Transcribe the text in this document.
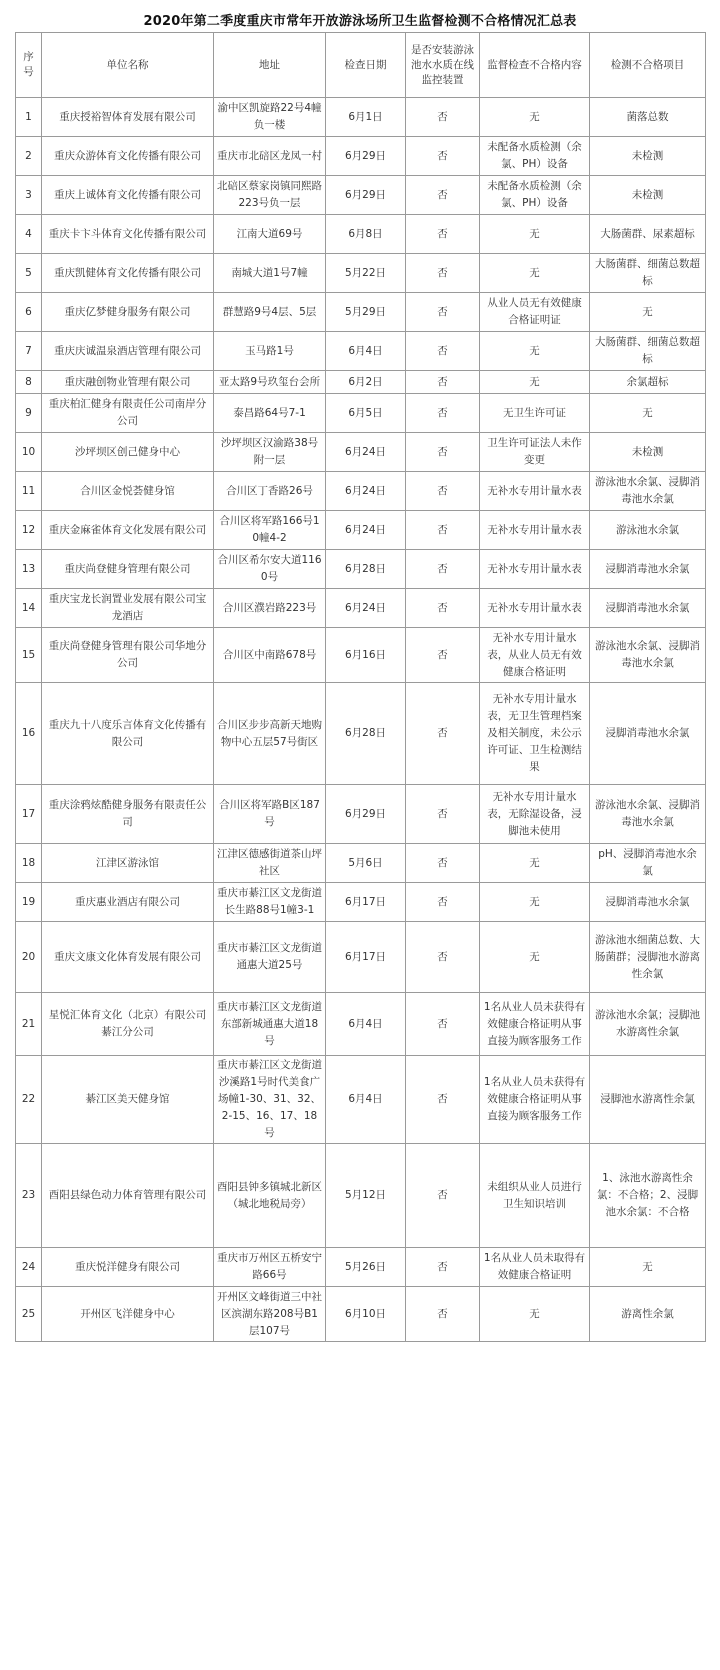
2020年第二季度重庆市常年开放游泳场所卫生监督检测不合格情况汇总表
序号	单位名称	地址	检查日期	是否安装游泳池水水质在线监控装置	监督检查不合格内容	检测不合格项目
1	重庆授裕智体育发展有限公司	渝中区凯旋路22号4幢负一楼	6月1日	否	无	菌落总数
2	重庆众游体育文化传播有限公司	重庆市北碚区龙凤一村	6月29日	否	未配备水质检测（余氯、PH）设备	未检测
3	重庆上诚体育文化传播有限公司	北碚区蔡家岗镇同熙路223号负一层	6月29日	否	未配备水质检测（余氯、PH）设备	未检测
4	重庆卡卞斗体育文化传播有限公司	江南大道69号	6月8日	否	无	大肠菌群、尿素超标
5	重庆凯健体育文化传播有限公司	南城大道1号7幢	5月22日	否	无	大肠菌群、细菌总数超标
6	重庆亿梦健身服务有限公司	群慧路9号4层、5层	5月29日	否	从业人员无有效健康合格证明证	无
7	重庆庆诚温泉酒店管理有限公司	玉马路1号	6月4日	否	无	大肠菌群、细菌总数超标
8	重庆融创物业管理有限公司	亚太路9号玖玺台会所	6月2日	否	无	余氯超标
9	重庆柏汇健身有限责任公司南岸分公司	泰昌路64号7-1	6月5日	否	无卫生许可证	无
10	沙坪坝区创己健身中心	沙坪坝区汉渝路38号附一层	6月24日	否	卫生许可证法人未作变更	未检测
11	合川区金悦荟健身馆	合川区丁香路26号	6月24日	否	无补水专用计量水表	游泳池水余氯、浸脚消毒池水余氯
12	重庆金麻雀体育文化发展有限公司	合川区将军路166号10幢4-2	6月24日	否	无补水专用计量水表	游泳池水余氯
13	重庆尚登健身管理有限公司	合川区希尔安大道1160号	6月28日	否	无补水专用计量水表	浸脚消毒池水余氯
14	重庆宝龙长润置业发展有限公司宝龙酒店	合川区濮岩路223号	6月24日	否	无补水专用计量水表	浸脚消毒池水余氯
15	重庆尚登健身管理有限公司华地分公司	合川区中南路678号	6月16日	否	无补水专用计量水表，从业人员无有效健康合格证明	游泳池水余氯、浸脚消毒池水余氯
16	重庆九十八度乐言体育文化传播有限公司	合川区步步高新天地购物中心五层57号街区	6月28日	否	无补水专用计量水表，无卫生管理档案及相关制度，未公示许可证、卫生检测结果	浸脚消毒池水余氯
17	重庆涂鸦炫酷健身服务有限责任公司	合川区将军路B区187号	6月29日	否	无补水专用计量水表，无除湿设备，浸脚池未使用	游泳池水余氯、浸脚消毒池水余氯
18	江津区游泳馆	江津区德感街道茶山坪社区	5月6日	否	无	pH、浸脚消毒池水余氯
19	重庆惠业酒店有限公司	重庆市綦江区文龙街道长生路88号1幢3-1	6月17日	否	无	浸脚消毒池水余氯
20	重庆文康文化体育发展有限公司	重庆市綦江区文龙街道通惠大道25号	6月17日	否	无	游泳池水细菌总数、大肠菌群；浸脚池水游离性余氯
21	星悦汇体育文化（北京）有限公司綦江分公司	重庆市綦江区文龙街道东部新城通惠大道18号	6月4日	否	1名从业人员未获得有效健康合格证明从事直接为顾客服务工作	游泳池水余氯；浸脚池水游离性余氯
22	綦江区美天健身馆	重庆市綦江区文龙街道沙溪路1号时代美食广场幢1-30、31、32、2-15、16、17、18号	6月4日	否	1名从业人员未获得有效健康合格证明从事直接为顾客服务工作	浸脚池水游离性余氯
23	酉阳县绿色动力体育管理有限公司	酉阳县钟多镇城北新区（城北地税局旁）	5月12日	否	未组织从业人员进行卫生知识培训	1、泳池水游离性余氯：不合格；2、浸脚池水余氯：不合格
24	重庆悦洋健身有限公司	重庆市万州区五桥安宁路66号	5月26日	否	1名从业人员未取得有效健康合格证明	无
25	开州区飞洋健身中心	开州区文峰街道三中社区滨湖东路208号B1层107号	6月10日	否	无	游离性余氯
